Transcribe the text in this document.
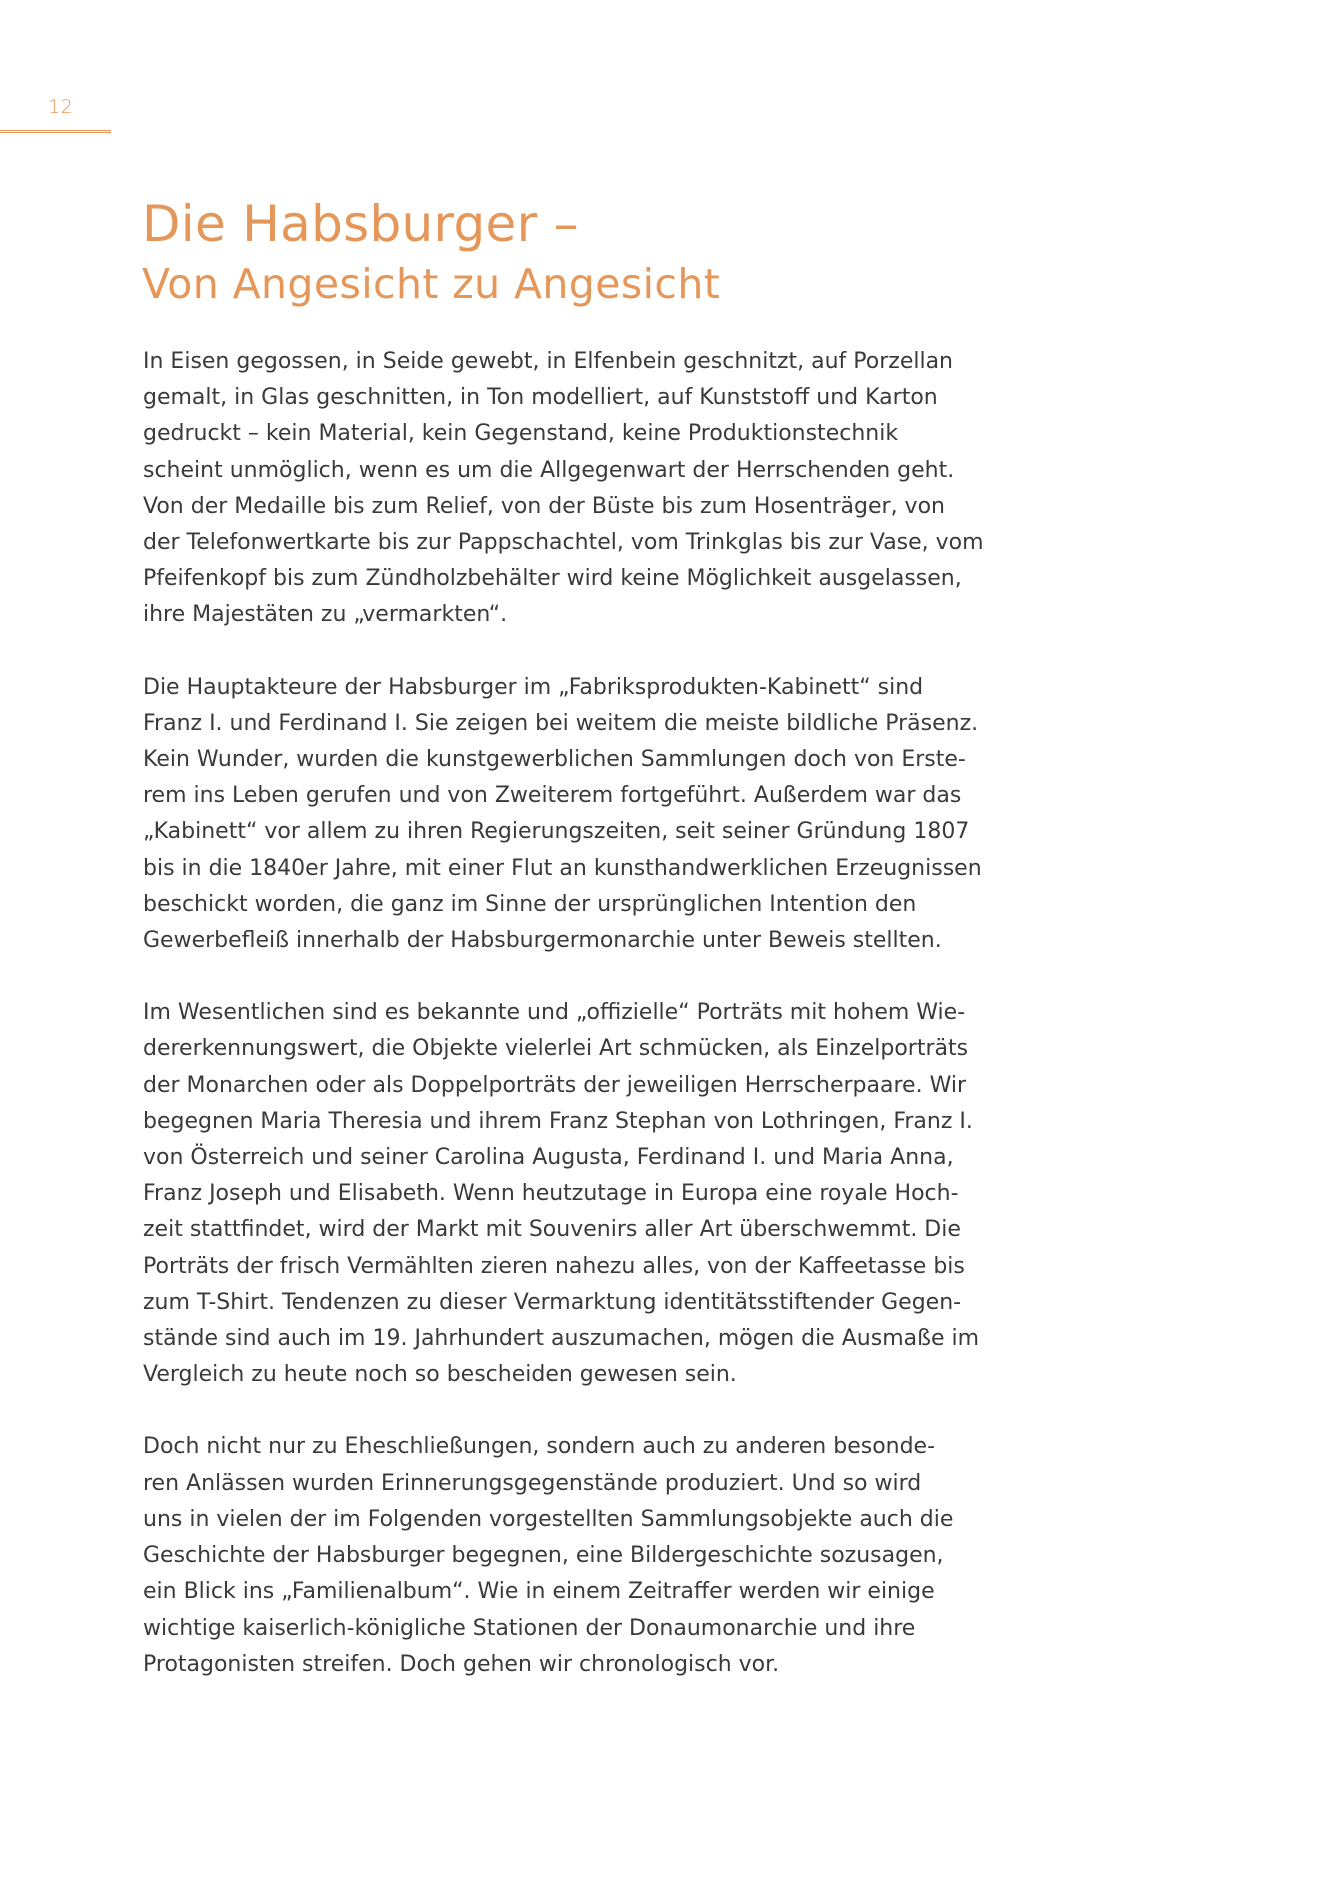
12
Die Habsburger –
Von Angesicht zu Angesicht

In Eisen gegossen, in Seide gewebt, in Elfenbein geschnitzt, auf Porzellan
gemalt, in Glas geschnitten, in Ton modelliert, auf Kunststoff und Karton
gedruckt – kein Material, kein Gegenstand, keine Produktionstechnik
scheint unmöglich, wenn es um die Allgegenwart der Herrschenden geht.
Von der Medaille bis zum Relief, von der Büste bis zum Hosenträger, von
der Telefonwertkarte bis zur Pappschachtel, vom Trinkglas bis zur Vase, vom
Pfeifenkopf bis zum Zündholzbehälter wird keine Möglichkeit ausgelassen,
ihre Majestäten zu „vermarkten“.

Die Hauptakteure der Habsburger im „Fabriksprodukten-Kabinett“ sind
Franz I. und Ferdinand I. Sie zeigen bei weitem die meiste bildliche Präsenz.
Kein Wunder, wurden die kunstgewerblichen Sammlungen doch von Erste-
rem ins Leben gerufen und von Zweiterem fortgeführt. Außerdem war das
„Kabinett“ vor allem zu ihren Regierungszeiten, seit seiner Gründung 1807
bis in die 1840er Jahre, mit einer Flut an kunsthandwerklichen Erzeugnissen
beschickt worden, die ganz im Sinne der ursprünglichen Intention den
Gewerbefleiß innerhalb der Habsburgermonarchie unter Beweis stellten.

Im Wesentlichen sind es bekannte und „offizielle“ Porträts mit hohem Wie-
dererkennungswert, die Objekte vielerlei Art schmücken, als Einzelporträts
der Monarchen oder als Doppelporträts der jeweiligen Herrscherpaare. Wir
begegnen Maria Theresia und ihrem Franz Stephan von Lothringen, Franz I.
von Österreich und seiner Carolina Augusta, Ferdinand I. und Maria Anna,
Franz Joseph und Elisabeth. Wenn heutzutage in Europa eine royale Hoch-
zeit stattfindet, wird der Markt mit Souvenirs aller Art überschwemmt. Die
Porträts der frisch Vermählten zieren nahezu alles, von der Kaffeetasse bis
zum T-Shirt. Tendenzen zu dieser Vermarktung identitätsstiftender Gegen-
stände sind auch im 19. Jahrhundert auszumachen, mögen die Ausmaße im
Vergleich zu heute noch so bescheiden gewesen sein.

Doch nicht nur zu Eheschließungen, sondern auch zu anderen besonde-
ren Anlässen wurden Erinnerungsgegenstände produziert. Und so wird
uns in vielen der im Folgenden vorgestellten Sammlungsobjekte auch die
Geschichte der Habsburger begegnen, eine Bildergeschichte sozusagen,
ein Blick ins „Familienalbum“. Wie in einem Zeitraffer werden wir einige
wichtige kaiserlich-königliche Stationen der Donaumonarchie und ihre
Protagonisten streifen. Doch gehen wir chronologisch vor.
